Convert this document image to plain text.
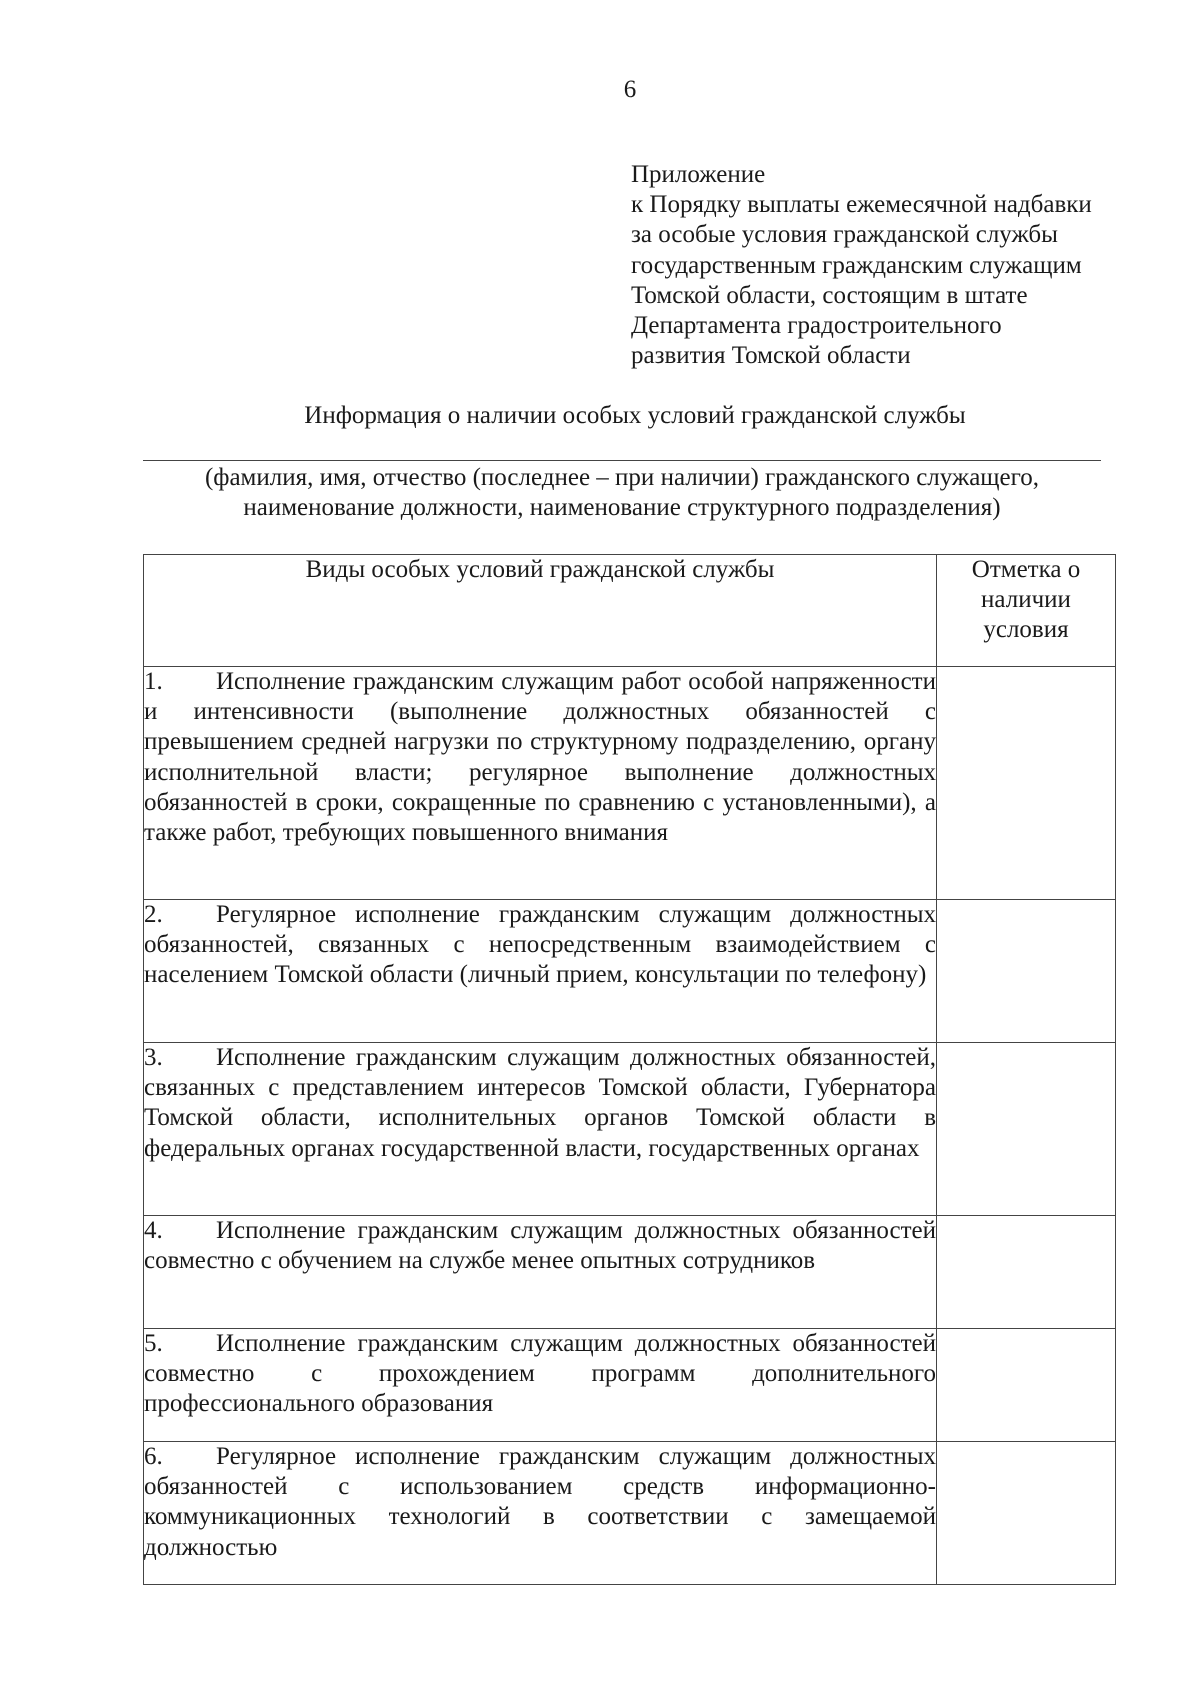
6
Приложение
к Порядку выплаты ежемесячной надбавки
за особые условия гражданской службы
государственным гражданским служащим
Томской области, состоящим в штате
Департамента градостроительного
развития Томской области
Информация о наличии особых условий гражданской службы
(фамилия, имя, отчество (последнее – при наличии) гражданского служащего, наименование должности, наименование структурного подразделения)
Виды особых условий гражданской службы	Отметка о наличии условия
1. Исполнение гражданским служащим работ особой напряженности и интенсивности (выполнение должностных обязанностей с превышением средней нагрузки по структурному подразделению, органу исполнительной власти; регулярное выполнение должностных обязанностей в сроки, сокращенные по сравнению с установленными), а также работ, требующих повышенного внимания	
2. Регулярное исполнение гражданским служащим должностных обязанностей, связанных с непосредственным взаимодействием с населением Томской области (личный прием, консультации по телефону)	
3. Исполнение гражданским служащим должностных обязанностей, связанных с представлением интересов Томской области, Губернатора Томской области, исполнительных органов Томской области в федеральных органах государственной власти, государственных органах	
4. Исполнение гражданским служащим должностных обязанностей совместно с обучением на службе менее опытных сотрудников	
5. Исполнение гражданским служащим должностных обязанностей совместно с прохождением программ дополнительного профессионального образования	
6. Регулярное исполнение гражданским служащим должностных обязанностей с использованием средств информационно-коммуникационных технологий в соответствии с замещаемой должностью	
